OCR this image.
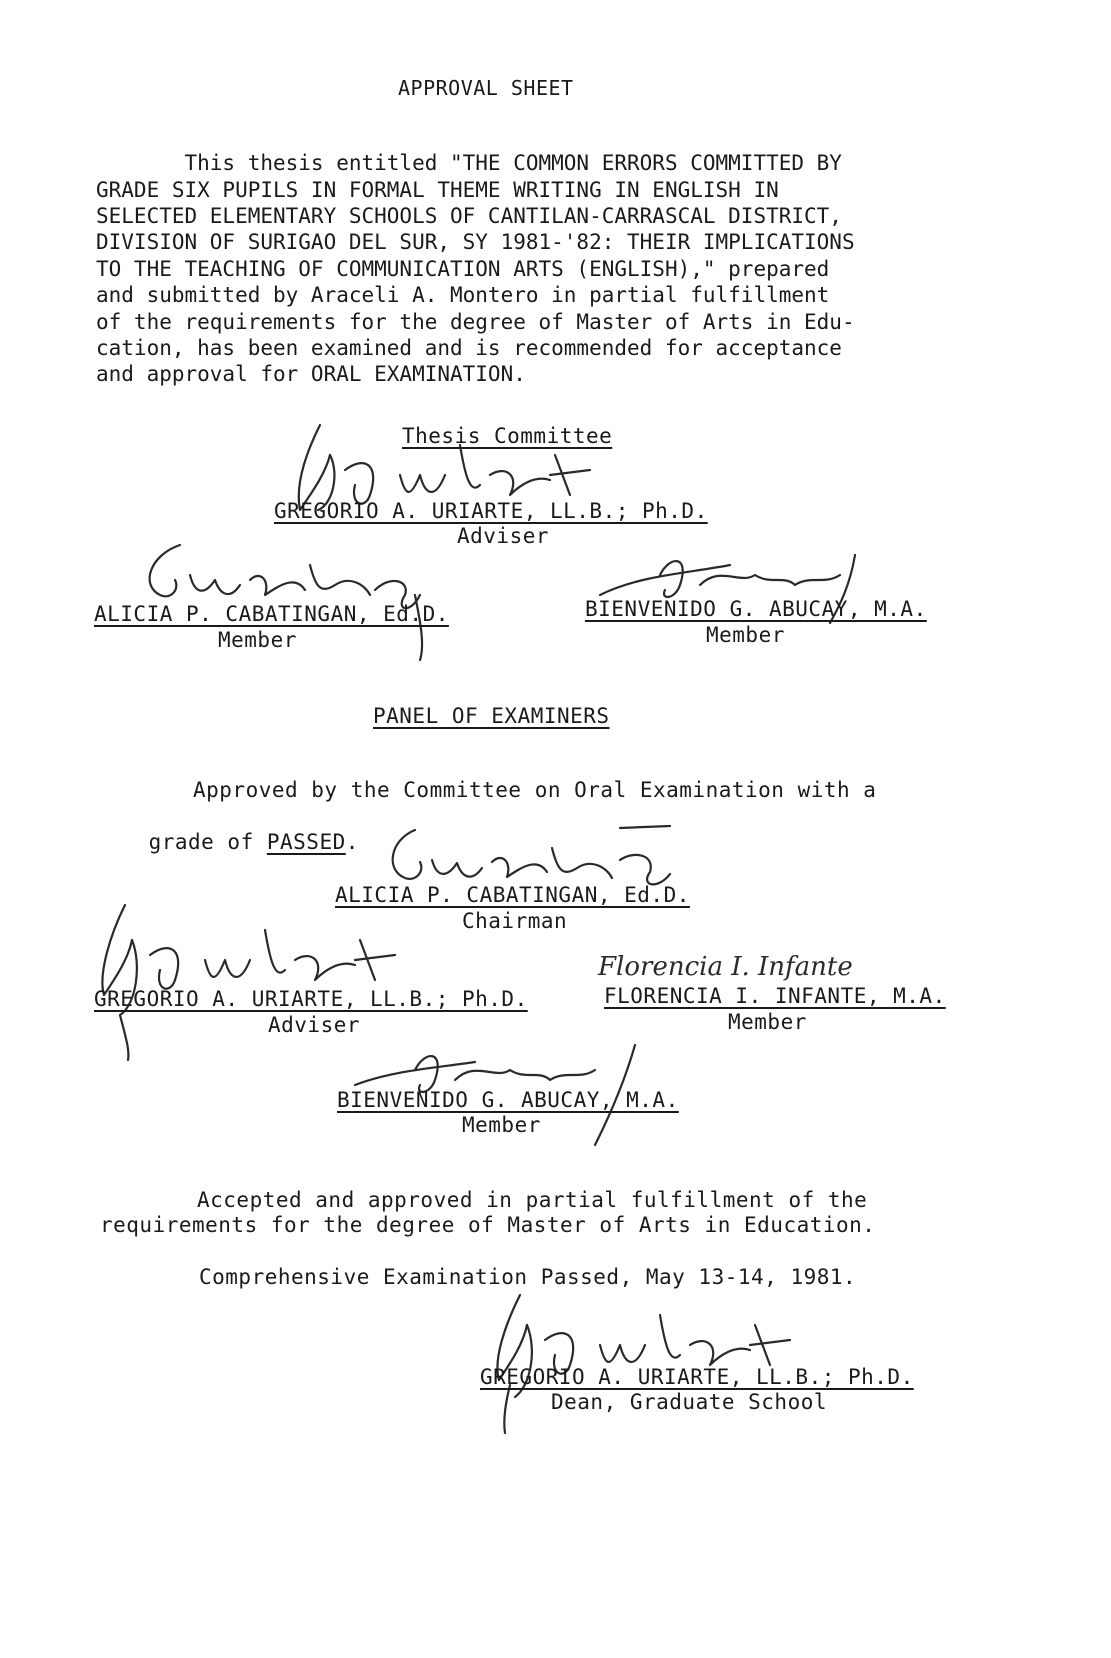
APPROVAL SHEET
This thesis entitled "THE COMMON ERRORS COMMITTED BY
GRADE SIX PUPILS IN FORMAL THEME WRITING IN ENGLISH IN
SELECTED ELEMENTARY SCHOOLS OF CANTILAN-CARRASCAL DISTRICT,
DIVISION OF SURIGAO DEL SUR, SY 1981-'82: THEIR IMPLICATIONS
TO THE TEACHING OF COMMUNICATION ARTS (ENGLISH)," prepared
and submitted by Araceli A. Montero in partial fulfillment
of the requirements for the degree of Master of Arts in Edu-
cation, has been examined and is recommended for acceptance
and approval for ORAL EXAMINATION.
Thesis Committee
GREGORIO A. URIARTE, LL.B.; Ph.D.
Adviser
ALICIA P. CABATINGAN, Ed.D.
Member
BIENVENIDO G. ABUCAY, M.A.
Member
PANEL OF EXAMINERS
Approved by the Committee on Oral Examination with a

grade of PASSED.

ALICIA P. CABATINGAN, Ed.D.
Chairman
Florencia I. Infante
GREGORIO A. URIARTE, LL.B.; Ph.D.
Adviser
FLORENCIA I. INFANTE, M.A.
Member
BIENVENIDO G. ABUCAY, M.A.
Member
Accepted and approved in partial fulfillment of the
requirements for the degree of Master of Arts in Education.
Comprehensive Examination Passed, May 13-14, 1981.
GREGORIO A. URIARTE, LL.B.; Ph.D.
Dean, Graduate School
